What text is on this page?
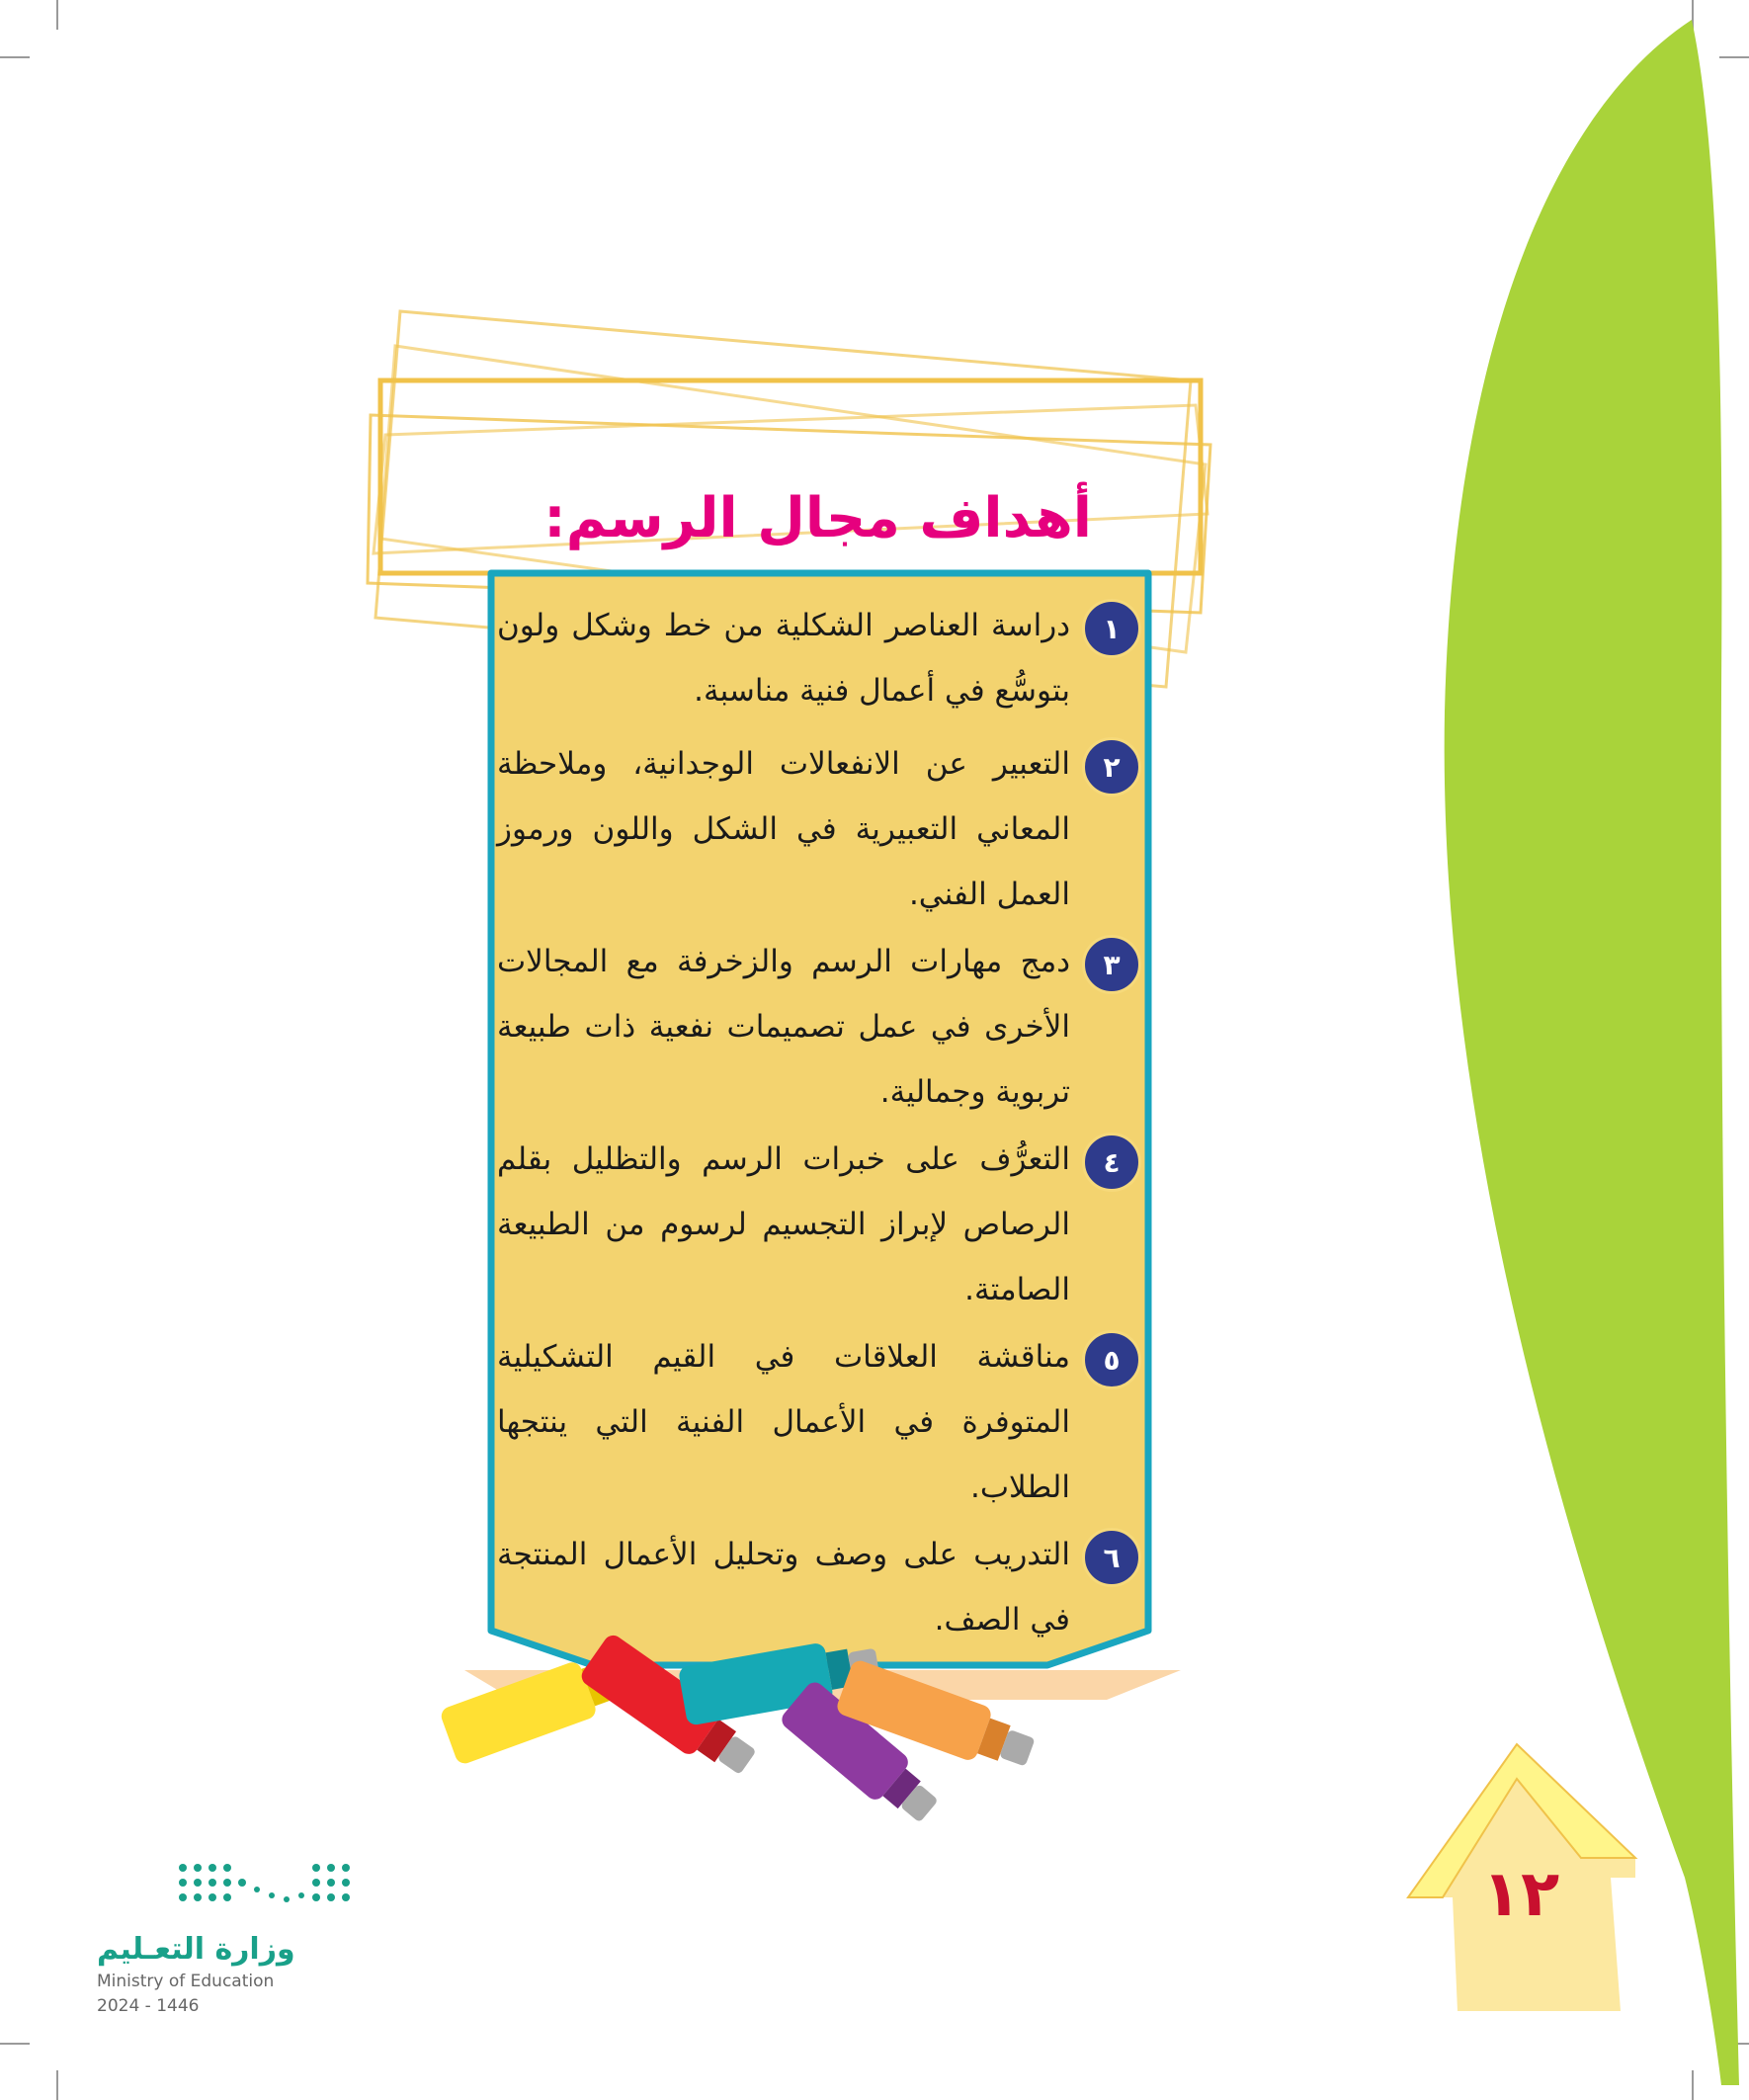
أهداف مجال الرسم:
١
دراسة العناصر الشكلية من خط وشكل ولون بتوسُّع في أعمال فنية مناسبة.
٢
التعبير عن الانفعالات الوجدانية، وملاحظة المعاني التعبيرية في الشكل واللون ورموز العمل الفني.
٣
دمج مهارات الرسم والزخرفة مع المجالات الأخرى في عمل تصميمات نفعية ذات طبيعة تربوية وجمالية.
٤
التعرُّف على خبرات الرسم والتظليل بقلم الرصاص لإبراز التجسيم لرسوم من الطبيعة الصامتة.
٥
مناقشة العلاقات في القيم التشكيلية المتوفرة في الأعمال الفنية التي ينتجها الطلاب.
٦
التدريب على وصف وتحليل الأعمال المنتجة في الصف.
١٢
وزارة التعـليم
Ministry of Education
2024 - 1446
